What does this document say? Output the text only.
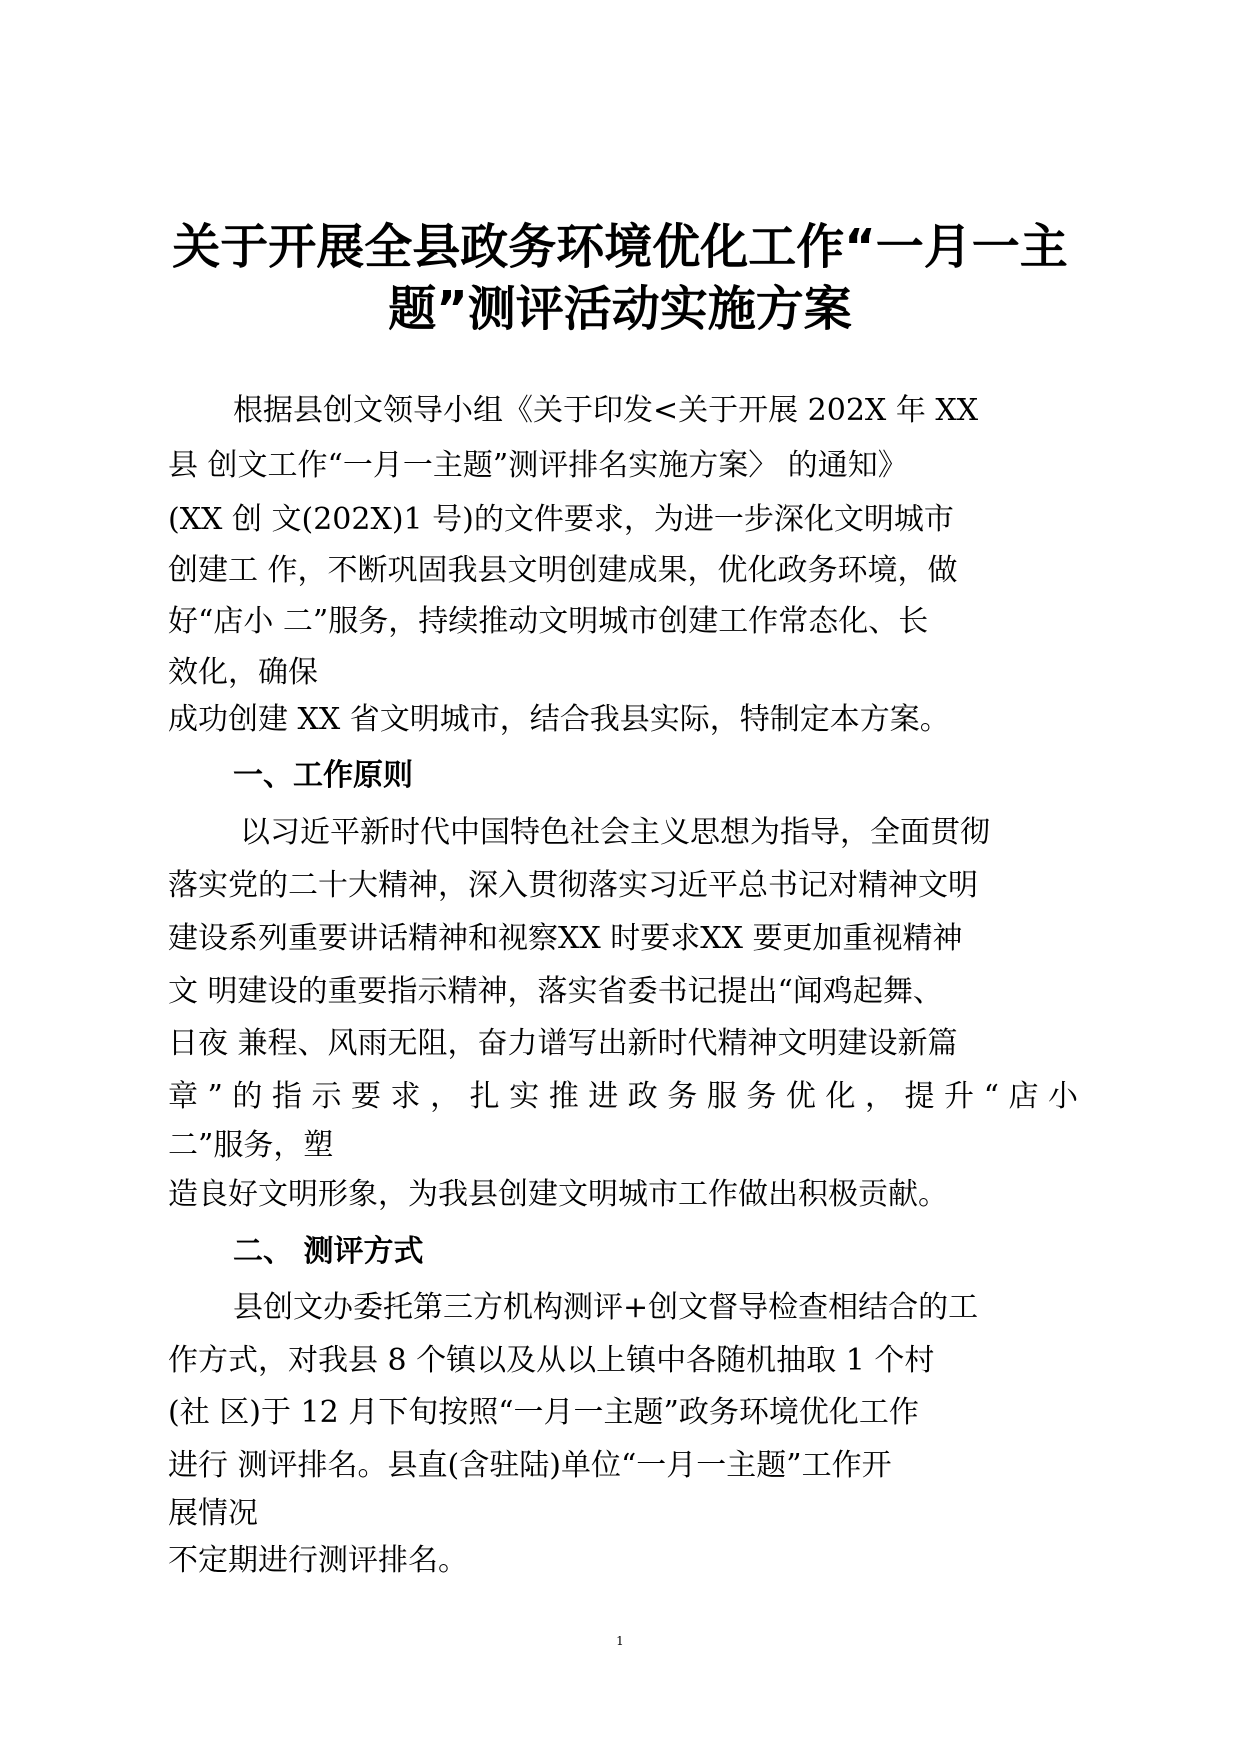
关于开展全县政务环境优化工作“一月一主
题”测评活动实施方案
根据县创文领导小组《关于印发<关于开展 202X 年 XX
县 创文工作“一月一主题”测评排名实施方案〉 的通知》
(XX 创 文(202X)1 号)的文件要求，为进一步深化文明城市
创建工 作，不断巩固我县文明创建成果，优化政务环境，做
好“店小 二”服务，持续推动文明城市创建工作常态化、长
效化，确保
成功创建 XX 省文明城市，结合我县实际，特制定本方案。
一、工作原则
以习近平新时代中国特色社会主义思想为指导，全面贯彻
落实党的二十大精神，深入贯彻落实习近平总书记对精神文明
建设系列重要讲话精神和视察XX 时要求XX 要更加重视精神
文 明建设的重要指示精神，落实省委书记提出“闻鸡起舞、
日夜 兼程、风雨无阻，奋力谱写出新时代精神文明建设新篇
章 ” 的 指 示 要 求 ， 扎 实 推 进 政 务 服 务 优 化 ， 提 升 “ 店 小
二”服务，塑
造良好文明形象，为我县创建文明城市工作做出积极贡献。
二、 测评方式
县创文办委托第三方机构测评+创文督导检查相结合的工
作方式，对我县 8 个镇以及从以上镇中各随机抽取 1 个村
(社 区)于 12 月下旬按照“一月一主题”政务环境优化工作
进行 测评排名。县直(含驻陆)单位“一月一主题”工作开
展情况
不定期进行测评排名。
1
